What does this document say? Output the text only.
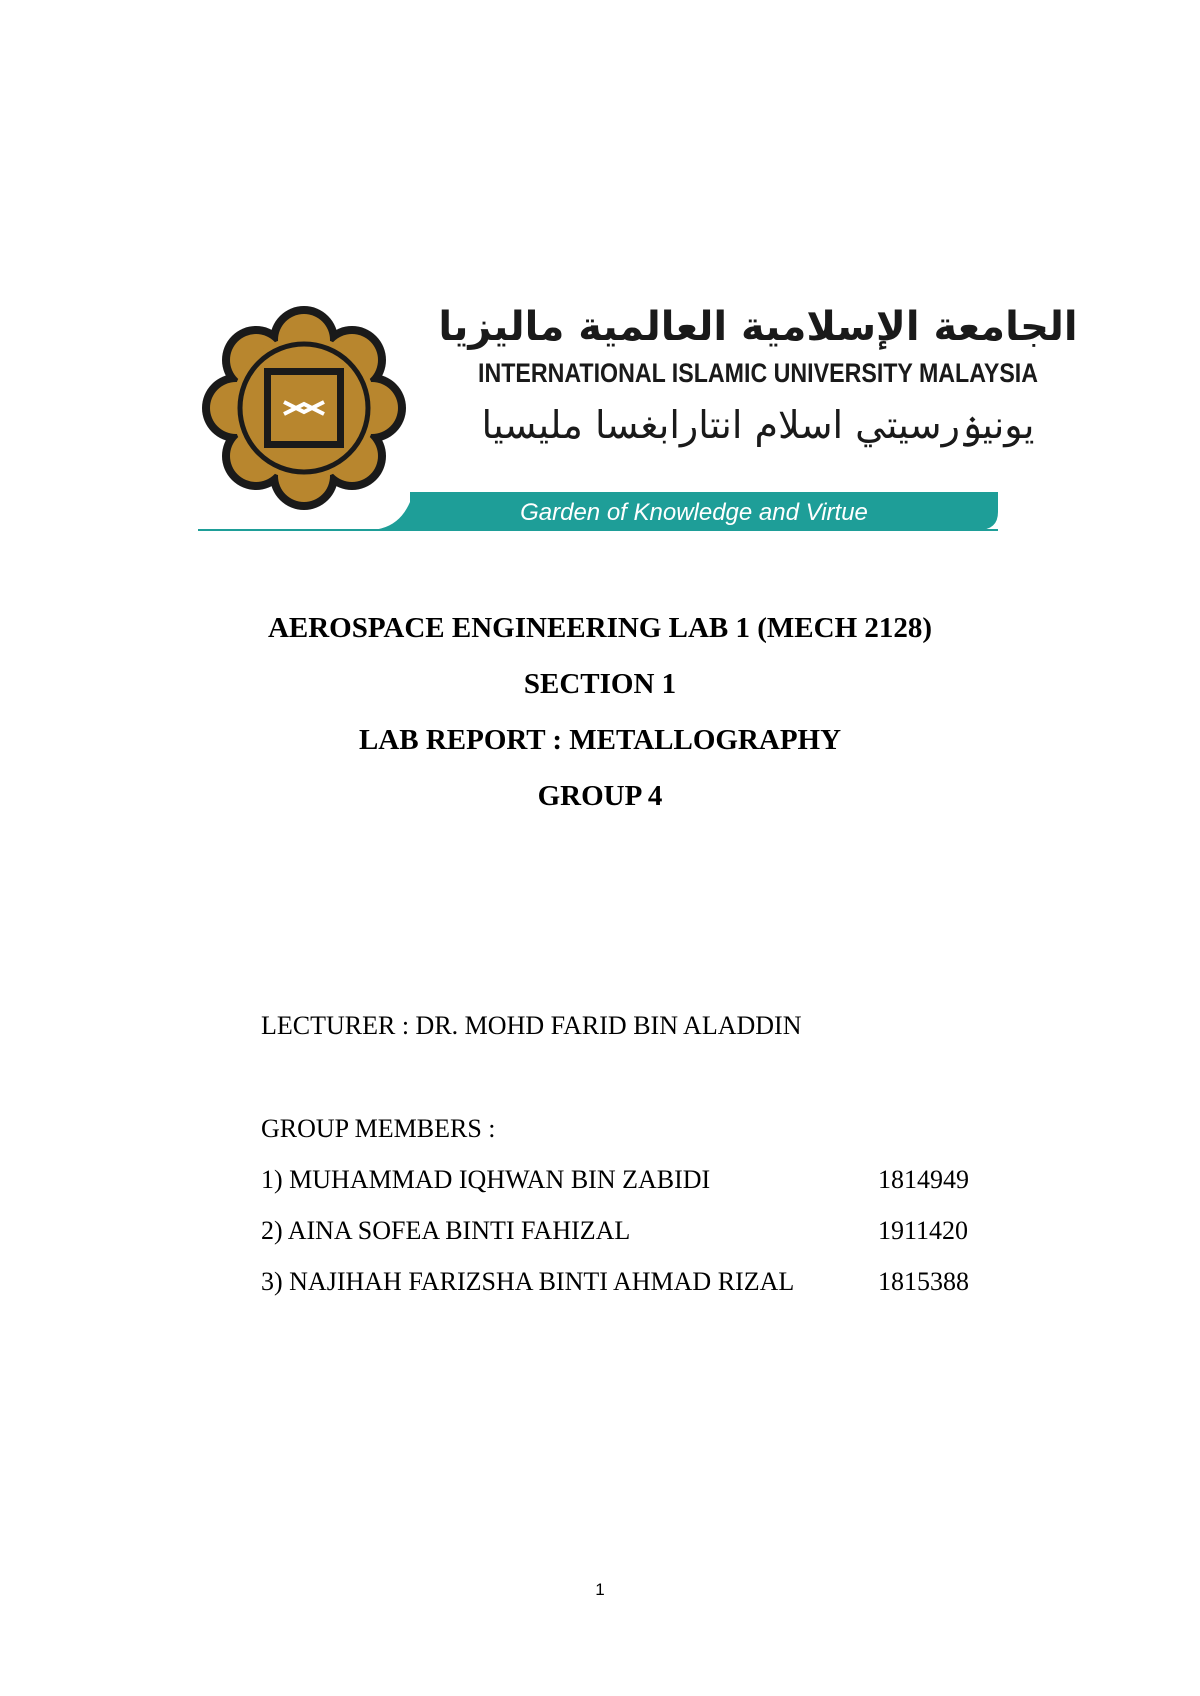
الجامعة الإسلامية العالمية ماليزيا
INTERNATIONAL ISLAMIC UNIVERSITY MALAYSIA
يونيۏرسيتي اسلام انتارابغسا مليسيا
Garden of Knowledge and Virtue
AEROSPACE ENGINEERING LAB 1 (MECH 2128)
SECTION 1
LAB REPORT : METALLOGRAPHY
GROUP 4
LECTURER : DR. MOHD FARID BIN ALADDIN
GROUP MEMBERS :
1) MUHAMMAD IQHWAN BIN ZABIDI	1814949
2) AINA SOFEA BINTI FAHIZAL	1911420
3) NAJIHAH FARIZSHA BINTI AHMAD RIZAL	1815388
1
